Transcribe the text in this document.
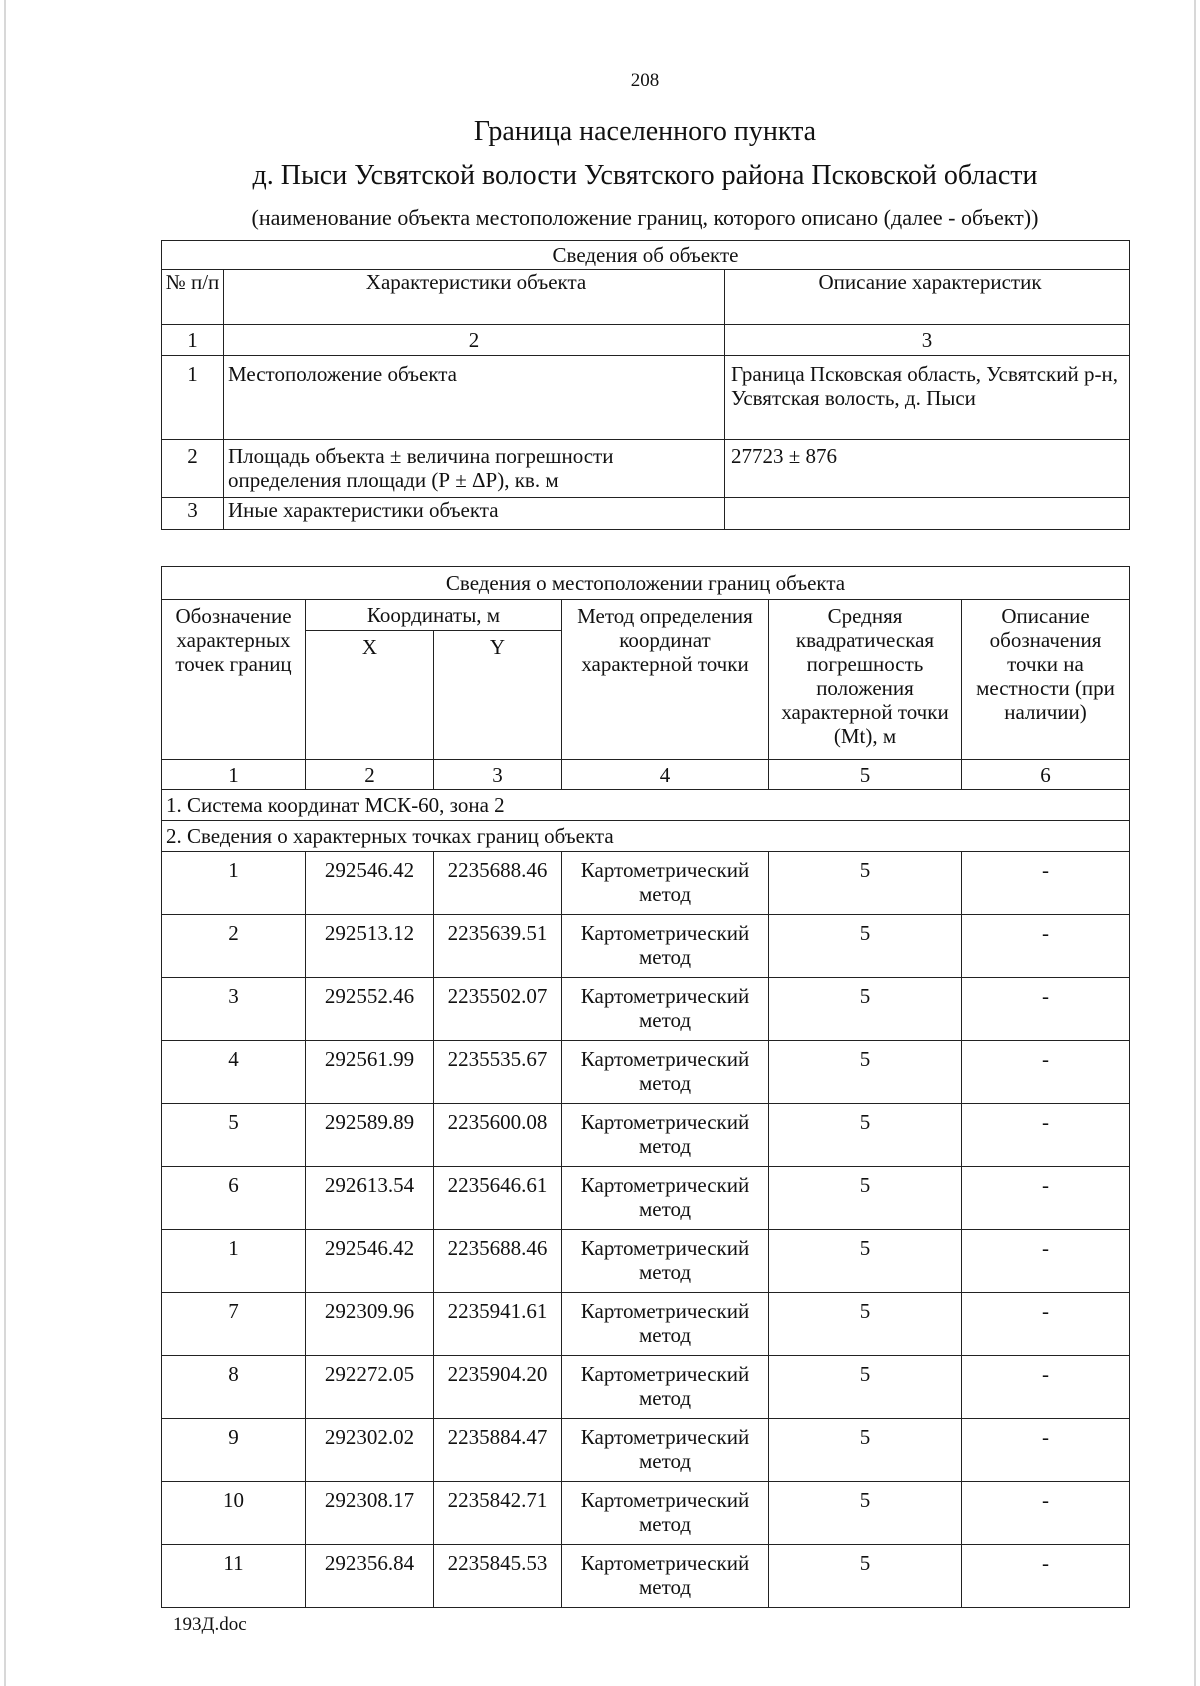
208
Граница населенного пункта
д. Пыси Усвятской волости Усвятского района Псковской области
(наименование объекта местоположение границ, которого описано (далее - объект))
Сведения об объекте		
№ п/п	Характеристики объекта	Описание характеристик
1	2	3
1	Местоположение объекта	Граница Псковская область, Усвятский р-н, Усвятская волость, д. Пыси
2	Площадь объекта ± величина погрешности определения площади (Р ± ΔР), кв. м	27723 ± 876
3	Иные характеристики объекта	
Сведения о местоположении границ объекта					
Обозначение характерных точек границ	Координаты, м		Метод определения координат характерной точки	Средняя квадратическая погрешность положения характерной точки (Mt), м	Описание обозначения точки на местности (при наличии)
	X	Y			
1	2	3	4	5	6
1. Система координат МСК-60, зона 2					
2. Сведения о характерных точках границ объекта					
1	292546.42	2235688.46	Картометрический метод	5	-
2	292513.12	2235639.51	Картометрический метод	5	-
3	292552.46	2235502.07	Картометрический метод	5	-
4	292561.99	2235535.67	Картометрический метод	5	-
5	292589.89	2235600.08	Картометрический метод	5	-
6	292613.54	2235646.61	Картометрический метод	5	-
1	292546.42	2235688.46	Картометрический метод	5	-
7	292309.96	2235941.61	Картометрический метод	5	-
8	292272.05	2235904.20	Картометрический метод	5	-
9	292302.02	2235884.47	Картометрический метод	5	-
10	292308.17	2235842.71	Картометрический метод	5	-
11	292356.84	2235845.53	Картометрический метод	5	-
193Д.doc
